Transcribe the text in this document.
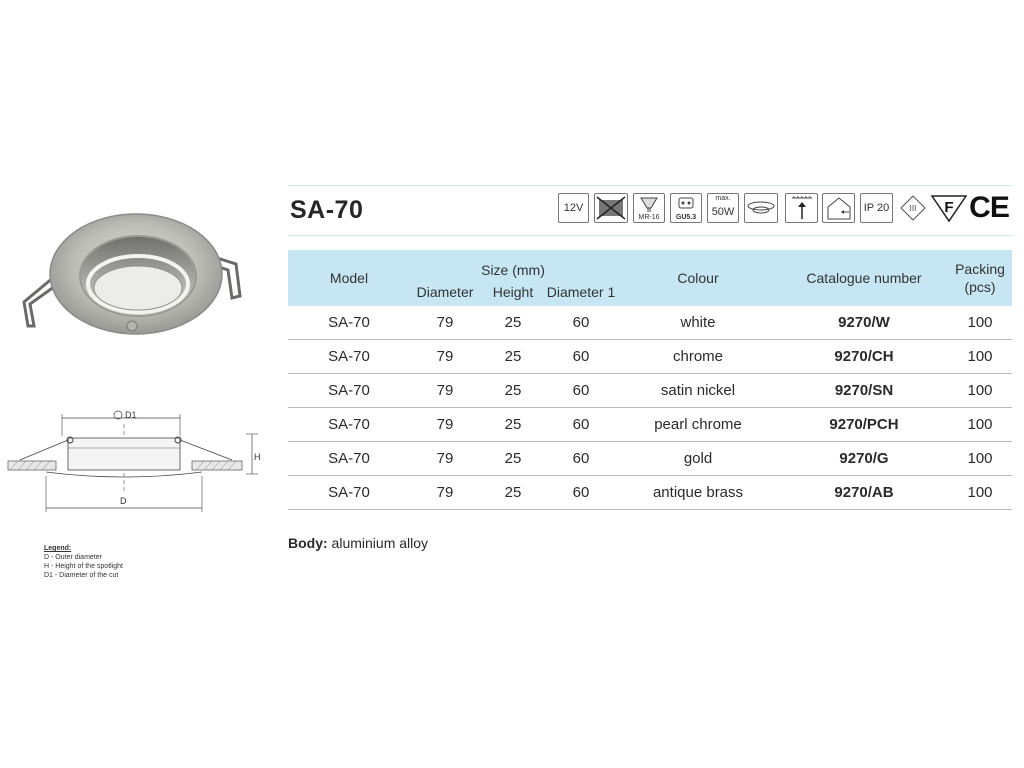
D1
H
D
Legend:
D - Outer diameter
H - Height of the spotlight
D1 - Diameter of the cut
SA-70	12V
MR-16	GU5.3
max.
50W	IP 20	III F CE
Model	Size (mm)			Colour	Catalogue number	Packing
(pcs)
	Diameter	Height	Diameter 1			
SA-70	79	25	60	white	9270/W	100
SA-70	79	25	60	chrome	9270/CH	100
SA-70	79	25	60	satin nickel	9270/SN	100
SA-70	79	25	60	pearl chrome	9270/PCH	100
SA-70	79	25	60	gold	9270/G	100
SA-70	79	25	60	antique brass	9270/AB	100
Body: aluminium alloy
